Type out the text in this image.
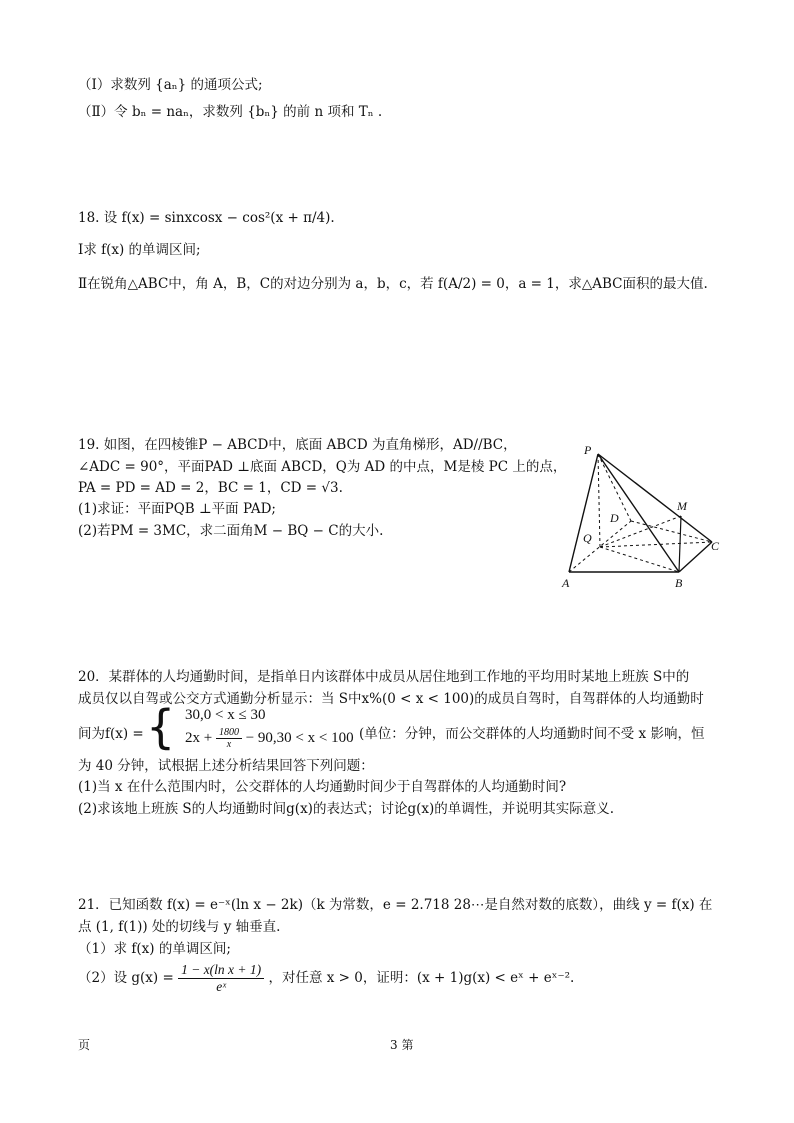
（Ⅰ）求数列 {aₙ} 的通项公式;
（Ⅱ）令 bₙ = naₙ，求数列 {bₙ} 的前 n 项和 Tₙ .
18. 设 f(x) = sinxcosx − cos²(x + π/4).
Ⅰ求 f(x) 的单调区间;
Ⅱ在锐角△ABC中，角 A，B，C的对边分别为 a，b，c，若 f(A/2) = 0，a = 1，求△ABC面积的最大值.
19. 如图，在四棱锥P − ABCD中，底面 ABCD 为直角梯形，AD//BC，
∠ADC = 90°，平面PAD ⊥底面 ABCD，Q为 AD 的中点，M是棱 PC 上的点，
PA = PD = AD = 2，BC = 1，CD = √3.
(1)求证：平面PQB ⊥平面 PAD;
(2)若PM = 3MC，求二面角M − BQ − C的大小.
P
D
M
Q
C
A	B
20．某群体的人均通勤时间，是指单日内该群体中成员从居住地到工作地的平均用时某地上班族 S中的
成员仅以自驾或公交方式通勤分析显示：当 S中x%(0 < x < 100)的成员自驾时，自驾群体的人均通勤时
间为f(x) = { 30,0 < x ≤ 30
$2x + \frac{1800}{x} - 90,30 < x < 100$ (单位：分钟，而公交群体的人均通勤时间不受 x 影响，恒
为 40 分钟，试根据上述分析结果回答下列问题：
(1)当 x 在什么范围内时，公交群体的人均通勤时间少于自驾群体的人均通勤时间?
(2)求该地上班族 S的人均通勤时间g(x)的表达式；讨论g(x)的单调性，并说明其实际意义.
21．已知函数 f(x) = e⁻ˣ(ln x − 2k)（k 为常数，e = 2.718 28⋯是自然对数的底数），曲线 y = f(x) 在
点 (1, f(1)) 处的切线与 y 轴垂直.
（1）求 f(x) 的单调区间;
（2）设 $g(x) = \frac{\text{1 − x(ln x + 1)}}{\text{eˣ}}$ ，对任意 x > 0，证明：(x + 1)g(x) < eˣ + eˣ⁻².
页	3 第
